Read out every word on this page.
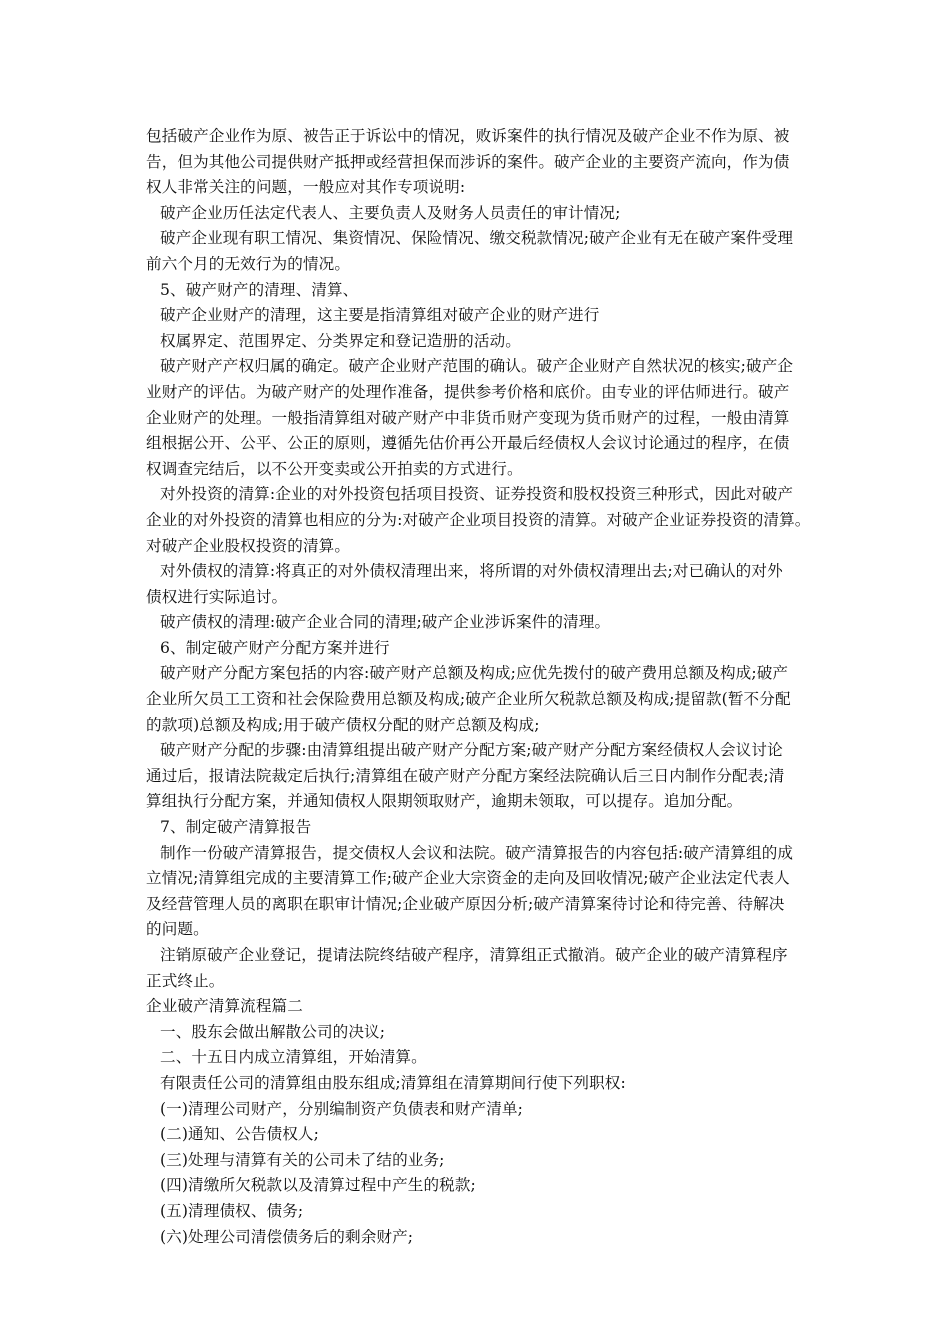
包括破产企业作为原、被告正于诉讼中的情况，败诉案件的执行情况及破产企业不作为原、被
告，但为其他公司提供财产抵押或经营担保而涉诉的案件。破产企业的主要资产流向，作为债
权人非常关注的问题，一般应对其作专项说明:
破产企业历任法定代表人、主要负责人及财务人员责任的审计情况;
破产企业现有职工情况、集资情况、保险情况、缴交税款情况;破产企业有无在破产案件受理
前六个月的无效行为的情况。
5、破产财产的清理、清算、
破产企业财产的清理，这主要是指清算组对破产企业的财产进行
权属界定、范围界定、分类界定和登记造册的活动。
破产财产产权归属的确定。破产企业财产范围的确认。破产企业财产自然状况的核实;破产企
业财产的评估。为破产财产的处理作准备，提供参考价格和底价。由专业的评估师进行。破产
企业财产的处理。一般指清算组对破产财产中非货币财产变现为货币财产的过程，一般由清算
组根据公开、公平、公正的原则，遵循先估价再公开最后经债权人会议讨论通过的程序，在债
权调查完结后，以不公开变卖或公开拍卖的方式进行。
对外投资的清算:企业的对外投资包括项目投资、证券投资和股权投资三种形式，因此对破产
企业的对外投资的清算也相应的分为:对破产企业项目投资的清算。对破产企业证券投资的清算。
对破产企业股权投资的清算。
对外债权的清算:将真正的对外债权清理出来，将所谓的对外债权清理出去;对已确认的对外
债权进行实际追讨。
破产债权的清理:破产企业合同的清理;破产企业涉诉案件的清理。
6、制定破产财产分配方案并进行
破产财产分配方案包括的内容:破产财产总额及构成;应优先拨付的破产费用总额及构成;破产
企业所欠员工工资和社会保险费用总额及构成;破产企业所欠税款总额及构成;提留款(暂不分配
的款项)总额及构成;用于破产债权分配的财产总额及构成;
破产财产分配的步骤:由清算组提出破产财产分配方案;破产财产分配方案经债权人会议讨论
通过后，报请法院裁定后执行;清算组在破产财产分配方案经法院确认后三日内制作分配表;清
算组执行分配方案，并通知债权人限期领取财产，逾期未领取，可以提存。追加分配。
7、制定破产清算报告
制作一份破产清算报告，提交债权人会议和法院。破产清算报告的内容包括:破产清算组的成
立情况;清算组完成的主要清算工作;破产企业大宗资金的走向及回收情况;破产企业法定代表人
及经营管理人员的离职在职审计情况;企业破产原因分析;破产清算案待讨论和待完善、待解决
的问题。
注销原破产企业登记，提请法院终结破产程序，清算组正式撤消。破产企业的破产清算程序
正式终止。
企业破产清算流程篇二
一、股东会做出解散公司的决议;
二、十五日内成立清算组，开始清算。
有限责任公司的清算组由股东组成;清算组在清算期间行使下列职权:
(一)清理公司财产，分别编制资产负债表和财产清单;
(二)通知、公告债权人;
(三)处理与清算有关的公司未了结的业务;
(四)清缴所欠税款以及清算过程中产生的税款;
(五)清理债权、债务;
(六)处理公司清偿债务后的剩余财产;
